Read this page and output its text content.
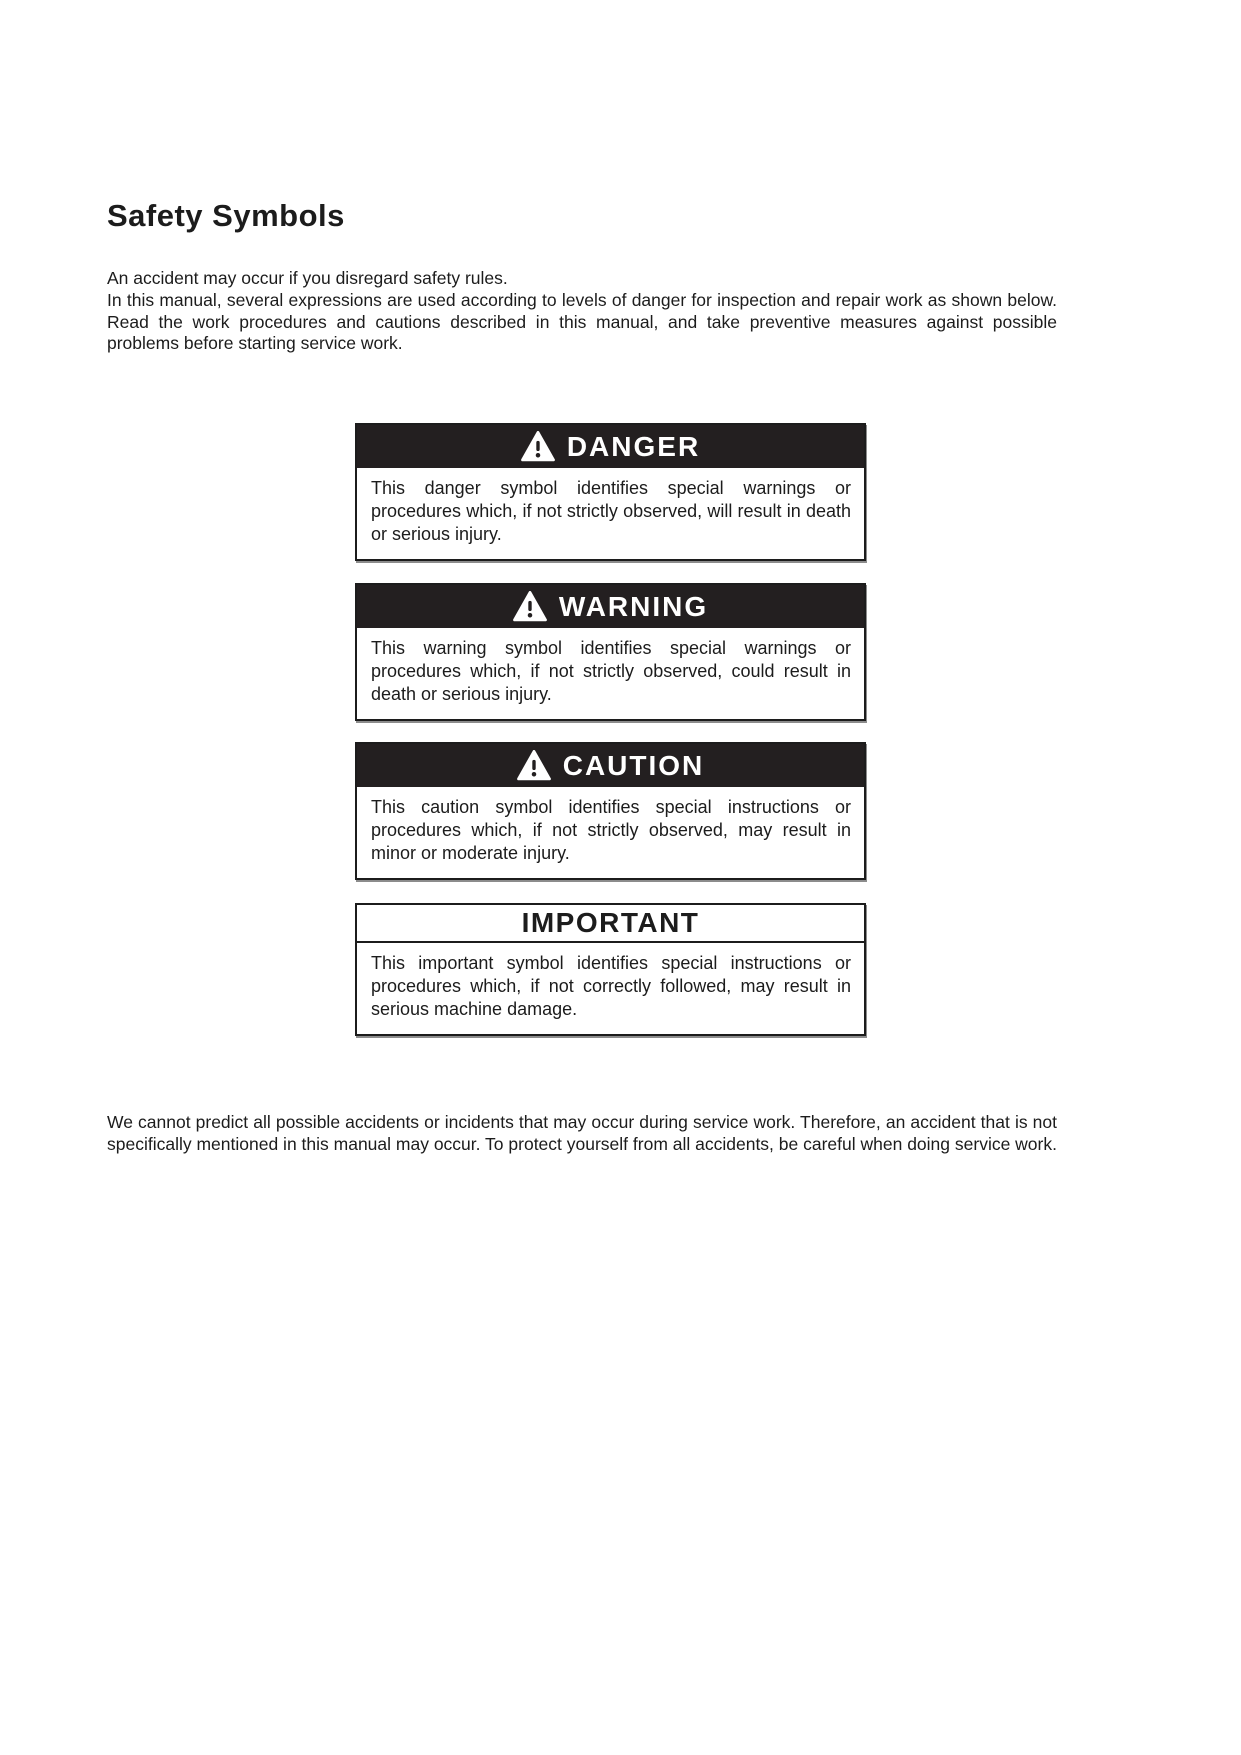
Safety Symbols
An accident may occur if you disregard safety rules.
In this manual, several expressions are used according to levels of danger for inspection and repair work as shown below. Read the work procedures and cautions described in this manual, and take preventive measures against possible problems before starting service work.
DANGER
This danger symbol identifies special warnings or procedures which, if not strictly observed, will result in death or serious injury.
WARNING
This warning symbol identifies special warnings or procedures which, if not strictly observed, could result in death or serious injury.
CAUTION
This caution symbol identifies special instructions or procedures which, if not strictly observed, may result in minor or moderate injury.
IMPORTANT
This important symbol identifies special instructions or procedures which, if not correctly followed, may result in serious machine damage.
We cannot predict all possible accidents or incidents that may occur during service work. Therefore, an accident that is not specifically mentioned in this manual may occur. To protect yourself from all accidents, be careful when doing service work.
